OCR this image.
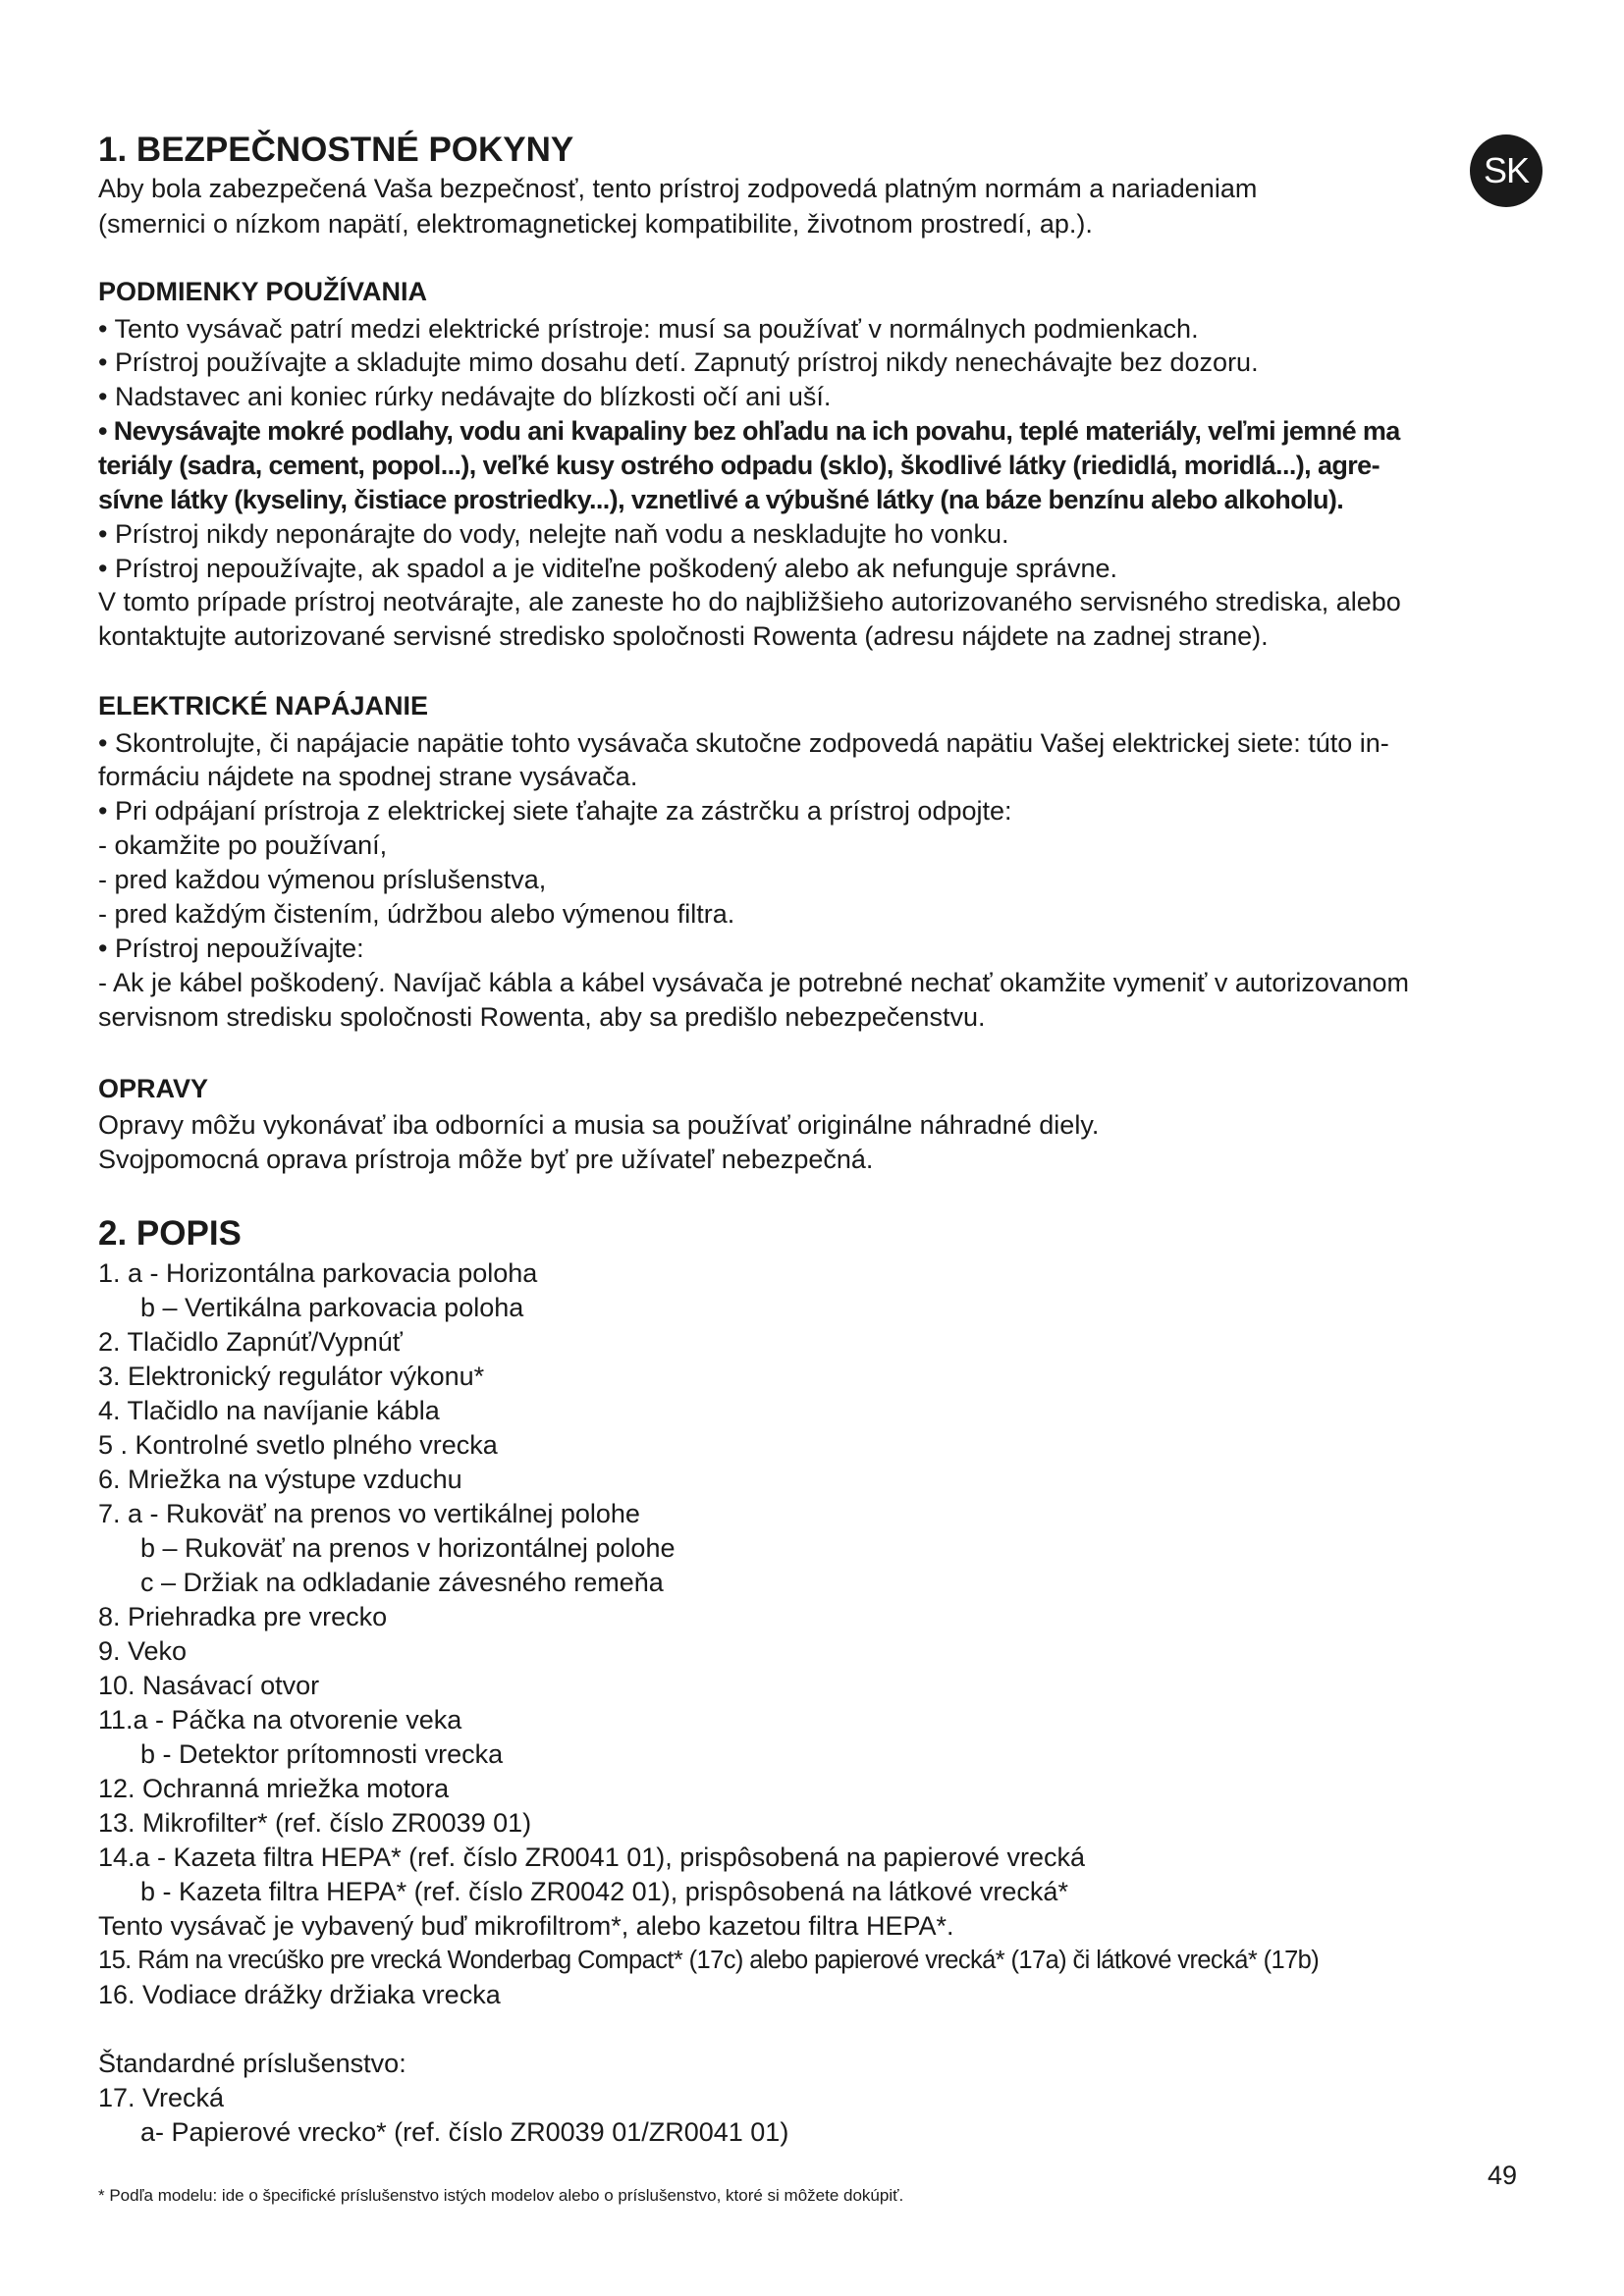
SK
1. BEZPEČNOSTNÉ POKYNY
Aby bola zabezpečená Vaša bezpečnosť, tento prístroj zodpovedá platným normám a nariadeniam
(smernici o nízkom napätí, elektromagnetickej kompatibilite, životnom prostredí, ap.).
PODMIENKY POUŽÍVANIA
• Tento vysávač patrí medzi elektrické prístroje: musí sa používať v normálnych podmienkach.
• Prístroj používajte a skladujte mimo dosahu detí. Zapnutý prístroj nikdy nenechávajte bez dozoru.
• Nadstavec ani koniec rúrky nedávajte do blízkosti očí ani uší.
• Nevysávajte mokré podlahy, vodu ani kvapaliny bez ohľadu na ich povahu, teplé materiály, veľmi jemné ma
teriály (sadra, cement, popol...), veľké kusy ostrého odpadu (sklo), škodlivé látky (riedidlá, moridlá...), agre-
sívne látky (kyseliny, čistiace prostriedky...), vznetlivé a výbušné látky (na báze benzínu alebo alkoholu).
• Prístroj nikdy neponárajte do vody, nelejte naň vodu a neskladujte ho vonku.
• Prístroj nepoužívajte, ak spadol a je viditeľne poškodený alebo ak nefunguje správne.
V tomto prípade prístroj neotvárajte, ale zaneste ho do najbližšieho autorizovaného servisného strediska, alebo
kontaktujte autorizované servisné stredisko spoločnosti Rowenta (adresu nájdete na zadnej strane).
ELEKTRICKÉ NAPÁJANIE
• Skontrolujte, či napájacie napätie tohto vysávača skutočne zodpovedá napätiu Vašej elektrickej siete: túto in-
formáciu nájdete na spodnej strane vysávača.
• Pri odpájaní prístroja z elektrickej siete ťahajte za zástrčku a prístroj odpojte:
- okamžite po používaní,
- pred každou výmenou príslušenstva,
- pred každým čistením, údržbou alebo výmenou filtra.
• Prístroj nepoužívajte:
- Ak je kábel poškodený. Navíjač kábla a kábel vysávača je potrebné nechať okamžite vymeniť v autorizovanom
servisnom stredisku spoločnosti Rowenta, aby sa predišlo nebezpečenstvu.
OPRAVY
Opravy môžu vykonávať iba odborníci a musia sa používať originálne náhradné diely.
Svojpomocná oprava prístroja môže byť pre užívateľ nebezpečná.
2. POPIS
1. a - Horizontálna parkovacia poloha
b – Vertikálna parkovacia poloha
2. Tlačidlo Zapnúť/Vypnúť
3. Elektronický regulátor výkonu*
4. Tlačidlo na navíjanie kábla
5 . Kontrolné svetlo plného vrecka
6. Mriežka na výstupe vzduchu
7. a - Rukoväť na prenos vo vertikálnej polohe
b – Rukoväť na prenos v horizontálnej polohe
c – Držiak na odkladanie závesného remeňa
8. Priehradka pre vrecko
9. Veko
10. Nasávací otvor
11.a - Páčka na otvorenie veka
b - Detektor prítomnosti vrecka
12. Ochranná mriežka motora
13. Mikrofilter* (ref. číslo ZR0039 01)
14.a - Kazeta filtra HEPA* (ref. číslo ZR0041 01), prispôsobená na papierové vrecká
b - Kazeta filtra HEPA* (ref. číslo ZR0042 01), prispôsobená na látkové vrecká*
Tento vysávač je vybavený buď mikrofiltrom*, alebo kazetou filtra HEPA*.
15. Rám na vrecúško pre vrecká Wonderbag Compact* (17c) alebo papierové vrecká* (17a) či látkové vrecká* (17b)
16. Vodiace drážky držiaka vrecka
Štandardné príslušenstvo:
17. Vrecká
a- Papierové vrecko* (ref. číslo ZR0039 01/ZR0041 01)
49
* Podľa modelu: ide o špecifické príslušenstvo istých modelov alebo o príslušenstvo, ktoré si môžete dokúpiť.
